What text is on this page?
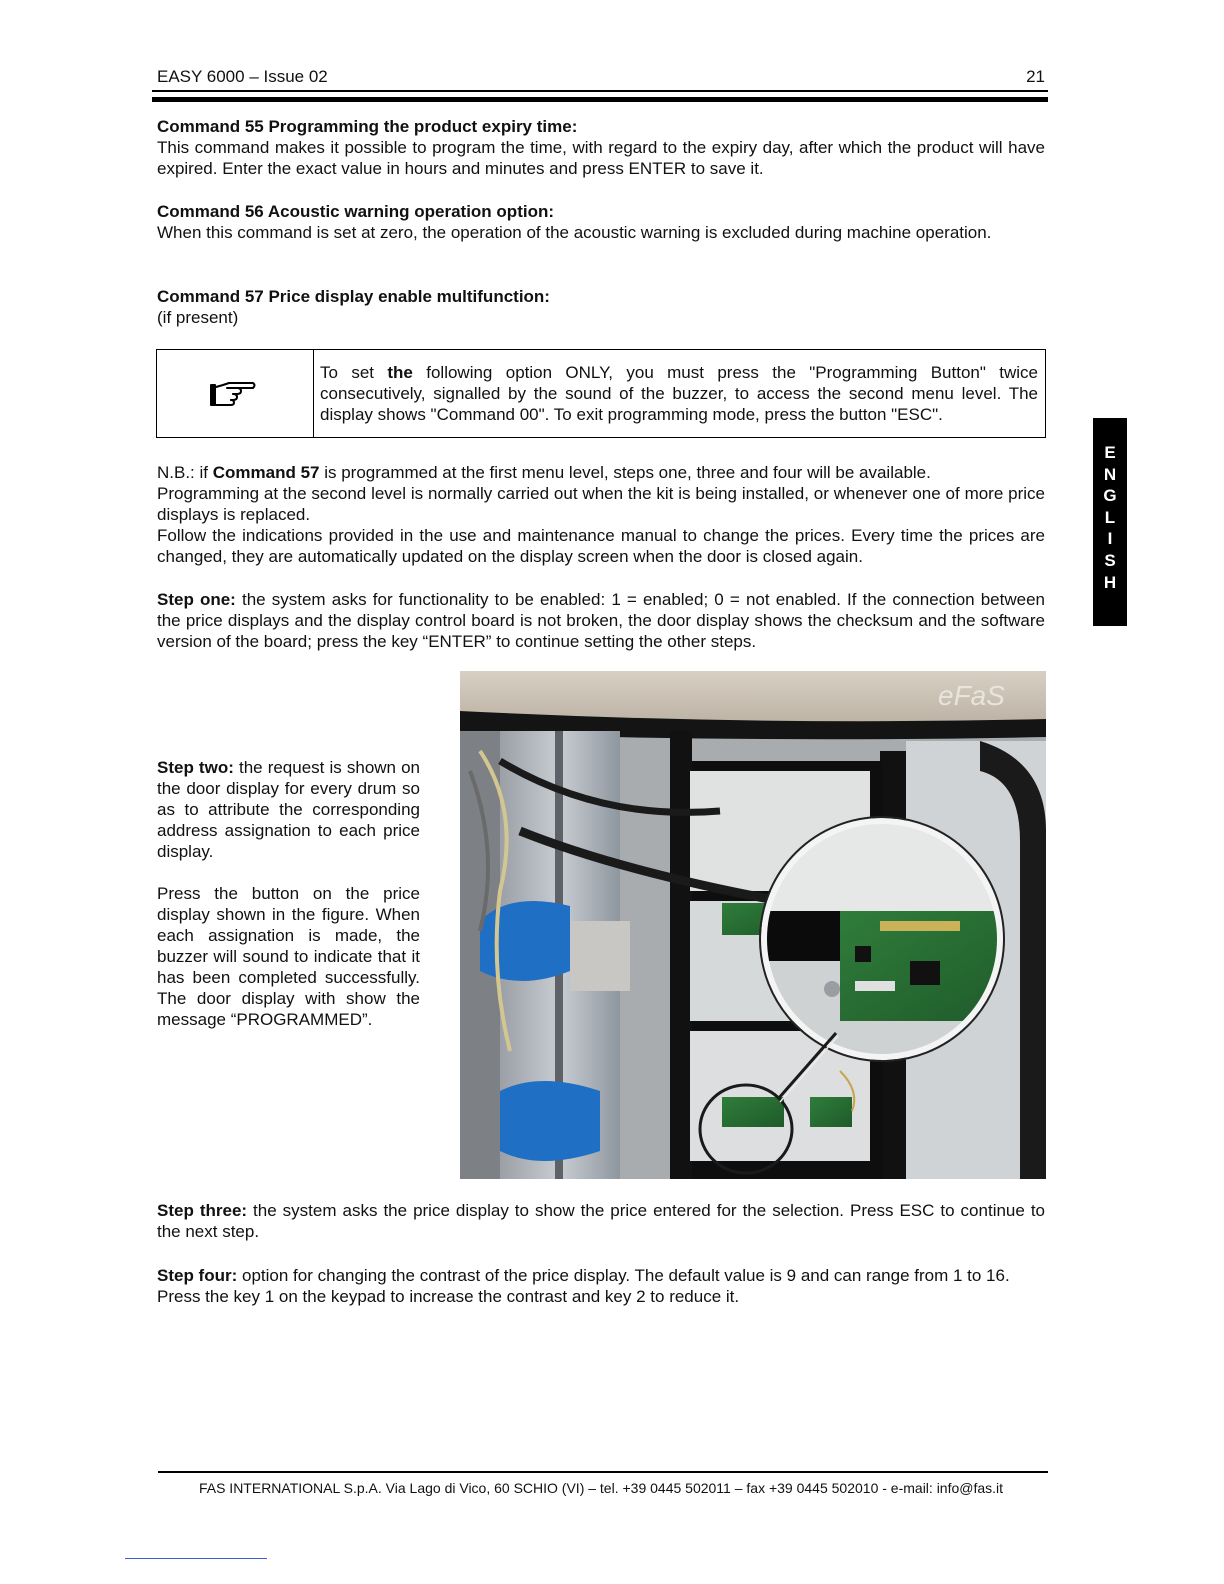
EASY 6000 – Issue 02	21

Command 55 Programming the product expiry time:

This command makes it possible to program the time, with regard to the expiry day, after which the product will have expired. Enter the exact value in hours and minutes and press ENTER to save it.

Command 56 Acoustic warning operation option:

When this command is set at zero, the operation of the acoustic warning is excluded during machine operation.

Command 57 Price display enable multifunction:

(if present)

To set the following option ONLY, you must press the "Programming Button" twice consecutively, signalled by the sound of the buzzer, to access the second menu level. The display shows "Command 00". To exit programming mode, press the button "ESC".
E
N
G
L
I
S
H

N.B.: if Command 57 is programmed at the first menu level, steps one, three and four will be available.

Programming at the second level is normally carried out when the kit is being installed, or whenever one of more price displays is replaced.

Follow the indications provided in the use and maintenance manual to change the prices. Every time the prices are changed, they are automatically updated on the display screen when the door is closed again.

Step one: the system asks for functionality to be enabled: 1 = enabled; 0 = not enabled. If the connection between the price displays and the display control board is not broken, the door display shows the checksum and the software version of the board; press the key “ENTER” to continue setting the other steps.

Step two: the request is shown on the door display for every drum so as to attribute the corresponding address assignation to each price display.

Press the button on the price display shown in the figure. When each assignation is made, the buzzer will sound to indicate that it has been completed successfully. The door display with show the message “PROGRAMMED”.

eFaS

Step three: the system asks the price display to show the price entered for the selection. Press ESC to continue to the next step.

Step four: option for changing the contrast of the price display. The default value is 9 and can range from 1 to 16. Press the key 1 on the keypad to increase the contrast and key 2 to reduce it.

FAS INTERNATIONAL S.p.A. Via Lago di Vico, 60 SCHIO (VI) – tel. +39 0445 502011 – fax +39 0445 502010 - e-mail: info@fas.it
